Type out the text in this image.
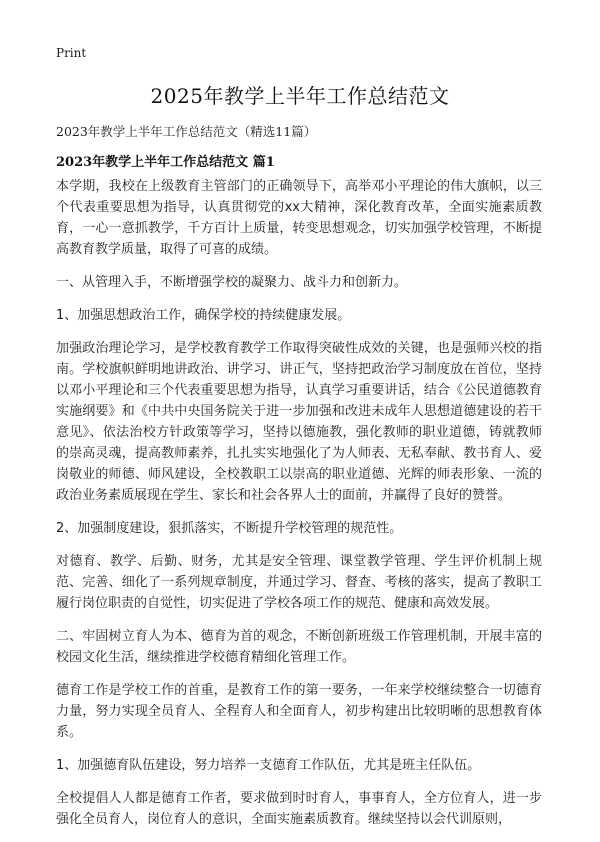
Print
2025年教学上半年工作总结范文
2023年教学上半年工作总结范文（精选11篇）
2023年教学上半年工作总结范文 篇1

本学期，我校在上级教育主管部门的正确领导下，高举邓小平理论的伟大旗帜，以三个代表重要思想为指导，认真贯彻党的xx大精神，深化教育改革，全面实施素质教育，一心一意抓教学，千方百计上质量，转变思想观念，切实加强学校管理，不断提高教育教学质量，取得了可喜的成绩。

一、从管理入手，不断增强学校的凝聚力、战斗力和创新力。

1、加强思想政治工作，确保学校的持续健康发展。

加强政治理论学习，是学校教育教学工作取得突破性成效的关键，也是强师兴校的指南。学校旗帜鲜明地讲政治、讲学习、讲正气，坚持把政治学习制度放在首位，坚持以邓小平理论和三个代表重要思想为指导，认真学习重要讲话，结合《公民道德教育实施纲要》和《中共中央国务院关于进一步加强和改进未成年人思想道德建设的若干意见》、依法治校方针政策等学习，坚持以德施教，强化教师的职业道德，铸就教师的崇高灵魂，提高教师素养，扎扎实实地强化了为人师表、无私奉献、教书育人、爱岗敬业的师德、师风建设，全校教职工以崇高的职业道德、光辉的师表形象、一流的政治业务素质展现在学生、家长和社会各界人士的面前，并赢得了良好的赞誉。

2、加强制度建设，狠抓落实，不断提升学校管理的规范性。

对德育、教学、后勤、财务，尤其是安全管理、课堂教学管理、学生评价机制上规范、完善、细化了一系列规章制度，并通过学习、督查、考核的落实，提高了教职工履行岗位职责的自觉性，切实促进了学校各项工作的规范、健康和高效发展。

二、牢固树立育人为本、德育为首的观念，不断创新班级工作管理机制，开展丰富的校园文化生活，继续推进学校德育精细化管理工作。

德育工作是学校工作的首重，是教育工作的第一要务，一年来学校继续整合一切德育力量，努力实现全员育人、全程育人和全面育人，初步构建出比较明晰的思想教育体系。

1、加强德育队伍建设，努力培养一支德育工作队伍，尤其是班主任队伍。

全校提倡人人都是德育工作者，要求做到时时育人，事事育人，全方位育人，进一步强化全员育人，岗位育人的意识，全面实施素质教育。继续坚持以会代训原则，
